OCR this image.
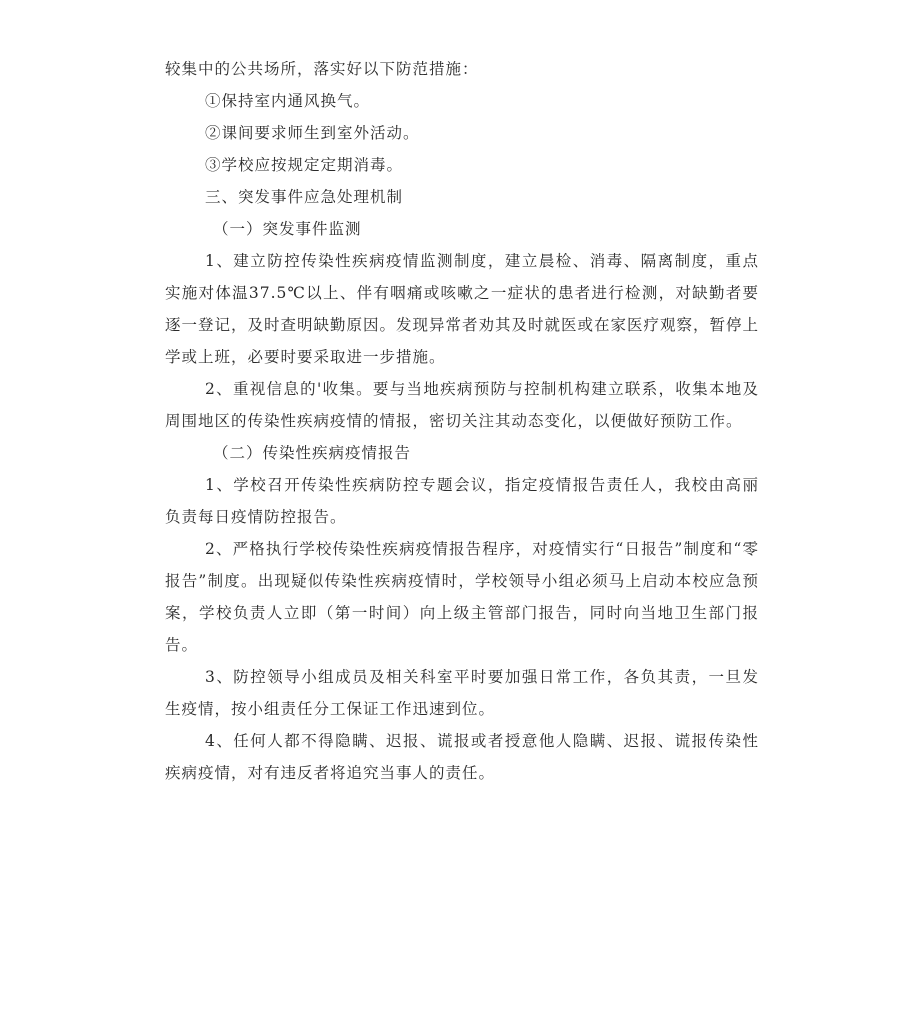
较集中的公共场所，落实好以下防范措施：

①保持室内通风换气。

②课间要求师生到室外活动。

③学校应按规定定期消毒。

三、突发事件应急处理机制

（一）突发事件监测

1、建立防控传染性疾病疫情监测制度，建立晨检、消毒、隔离制度，重点实施对体温37.5℃以上、伴有咽痛或咳嗽之一症状的患者进行检测，对缺勤者要逐一登记，及时查明缺勤原因。发现异常者劝其及时就医或在家医疗观察，暂停上学或上班，必要时要采取进一步措施。

2、重视信息的'收集。要与当地疾病预防与控制机构建立联系，收集本地及周围地区的传染性疾病疫情的情报，密切关注其动态变化，以便做好预防工作。

（二）传染性疾病疫情报告

1、学校召开传染性疾病防控专题会议，指定疫情报告责任人，我校由高丽负责每日疫情防控报告。

2、严格执行学校传染性疾病疫情报告程序，对疫情实行“日报告”制度和“零报告”制度。出现疑似传染性疾病疫情时，学校领导小组必须马上启动本校应急预案，学校负责人立即（第一时间）向上级主管部门报告，同时向当地卫生部门报告。

3、防控领导小组成员及相关科室平时要加强日常工作，各负其责，一旦发生疫情，按小组责任分工保证工作迅速到位。

4、任何人都不得隐瞒、迟报、谎报或者授意他人隐瞒、迟报、谎报传染性疾病疫情，对有违反者将追究当事人的责任。
